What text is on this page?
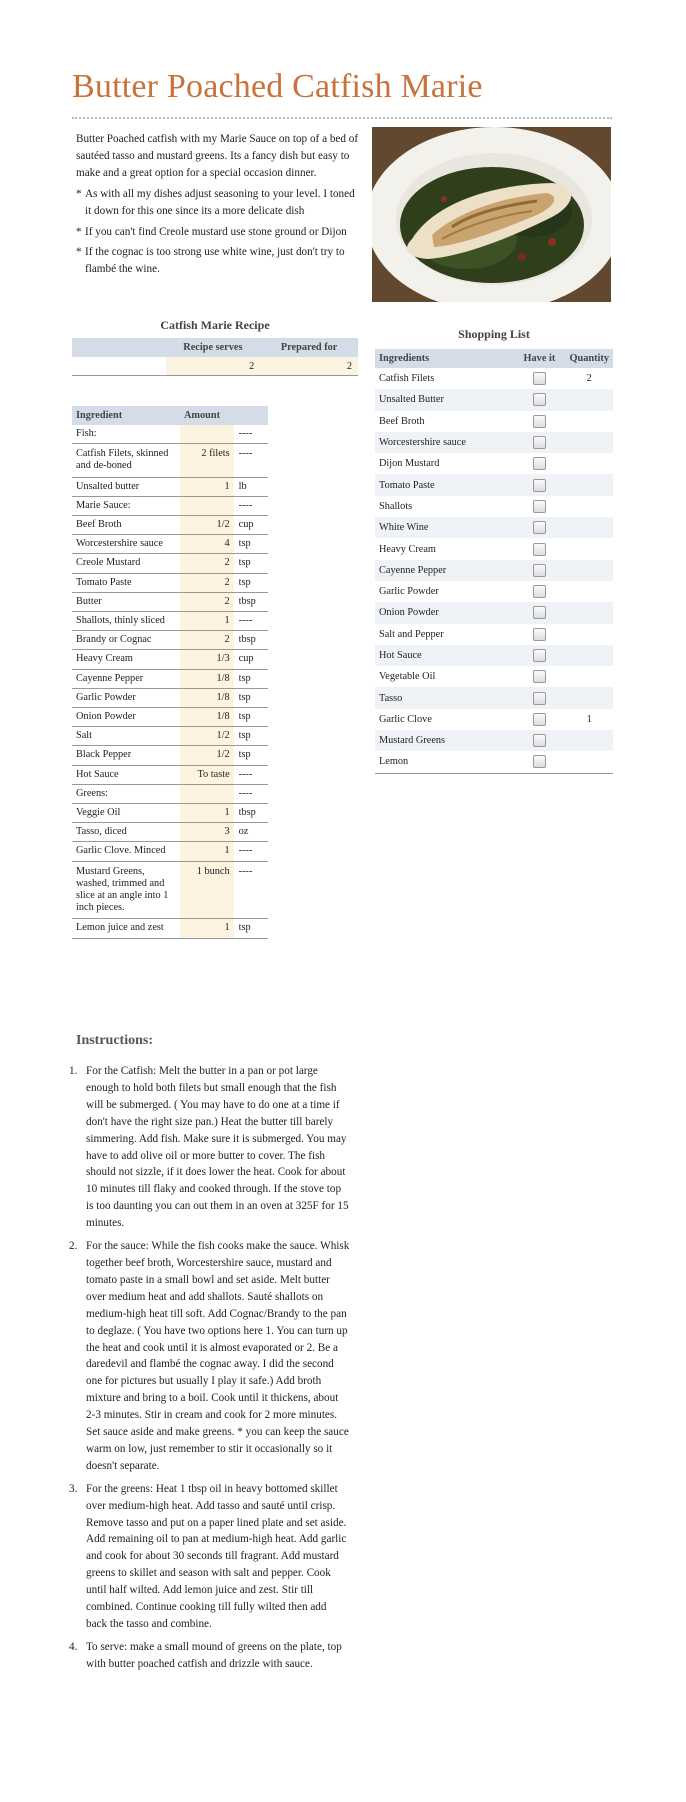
Butter Poached Catfish Marie

Butter Poached catfish with my Marie Sauce on top of a bed of sautéed tasso and mustard greens. Its a fancy dish but easy to make and a great option for a special occasion dinner.

* As with all my dishes adjust seasoning to your level. I toned it down for this one since its a more delicate dish
* If you can't find Creole mustard use stone ground or Dijon
* If the cognac is too strong use white wine, just don't try to flambé the wine.
Catfish Marie Recipe
	Recipe serves	Prepared for
	2	2
Ingredient	Amount	
Fish:		----
Catfish Filets, skinned and de-boned	2 filets	----
Unsalted butter	1	lb
Marie Sauce:		----
Beef Broth	1/2	cup
Worcestershire sauce	4	tsp
Creole Mustard	2	tsp
Tomato Paste	2	tsp
Butter	2	tbsp
Shallots, thinly sliced	1	----
Brandy or Cognac	2	tbsp
Heavy Cream	1/3	cup
Cayenne Pepper	1/8	tsp
Garlic Powder	1/8	tsp
Onion Powder	1/8	tsp
Salt	1/2	tsp
Black Pepper	1/2	tsp
Hot Sauce	To taste	----
Greens:		----
Veggie Oil	1	tbsp
Tasso, diced	3	oz
Garlic Clove. Minced	1	----
Mustard Greens, washed, trimmed and slice at an angle into 1 inch pieces.	1 bunch	----
Lemon juice and zest	1	tsp
Shopping List
Ingredients	Have it	Quantity
Catfish Filets		2
Unsalted Butter		
Beef Broth		
Worcestershire sauce		
Dijon Mustard		
Tomato Paste		
Shallots		
White Wine		
Heavy Cream		
Cayenne Pepper		
Garlic Powder		
Onion Powder		
Salt and Pepper		
Hot Sauce		
Vegetable Oil		
Tasso		
Garlic Clove		1
Mustard Greens		
Lemon		
Instructions:
1. For the Catfish: Melt the butter in a pan or pot large enough to hold both filets but small enough that the fish will be submerged. ( You may have to do one at a time if don't have the right size pan.) Heat the butter till barely simmering. Add fish. Make sure it is submerged. You may have to add olive oil or more butter to cover. The fish should not sizzle, if it does lower the heat. Cook for about 10 minutes till flaky and cooked through. If the stove top is too daunting you can out them in an oven at 325F for 15 minutes.
2. For the sauce: While the fish cooks make the sauce. Whisk together beef broth, Worcestershire sauce, mustard and tomato paste in a small bowl and set aside. Melt butter over medium heat and add shallots. Sauté shallots on medium-high heat till soft. Add Cognac/Brandy to the pan to deglaze. ( You have two options here 1. You can turn up the heat and cook until it is almost evaporated or 2. Be a daredevil and flambé the cognac away. I did the second one for pictures but usually I play it safe.) Add broth mixture and bring to a boil. Cook until it thickens, about 2-3 minutes. Stir in cream and cook for 2 more minutes. Set sauce aside and make greens. * you can keep the sauce warm on low, just remember to stir it occasionally so it doesn't separate.
3. For the greens: Heat 1 tbsp oil in heavy bottomed skillet over medium-high heat. Add tasso and sauté until crisp. Remove tasso and put on a paper lined plate and set aside. Add remaining oil to pan at medium-high heat. Add garlic and cook for about 30 seconds till fragrant. Add mustard greens to skillet and season with salt and pepper. Cook until half wilted. Add lemon juice and zest. Stir till combined. Continue cooking till fully wilted then add back the tasso and combine.
4. To serve: make a small mound of greens on the plate, top with butter poached catfish and drizzle with sauce.
